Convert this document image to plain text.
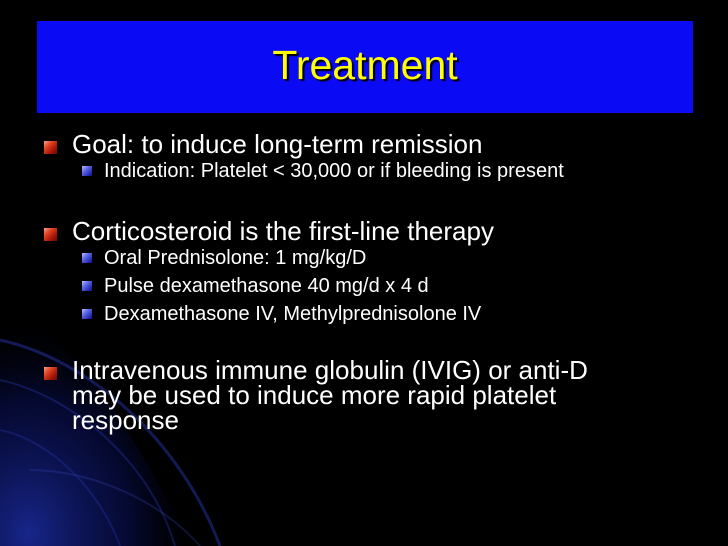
Treatment
Goal: to induce long-term remission
Indication: Platelet < 30,000 or if bleeding is present
Corticosteroid is the first-line therapy
Oral Prednisolone: 1 mg/kg/D
Pulse dexamethasone 40 mg/d x 4 d
Dexamethasone IV, Methylprednisolone IV
Intravenous immune globulin (IVIG) or anti-D
may be used to induce more rapid platelet
response
